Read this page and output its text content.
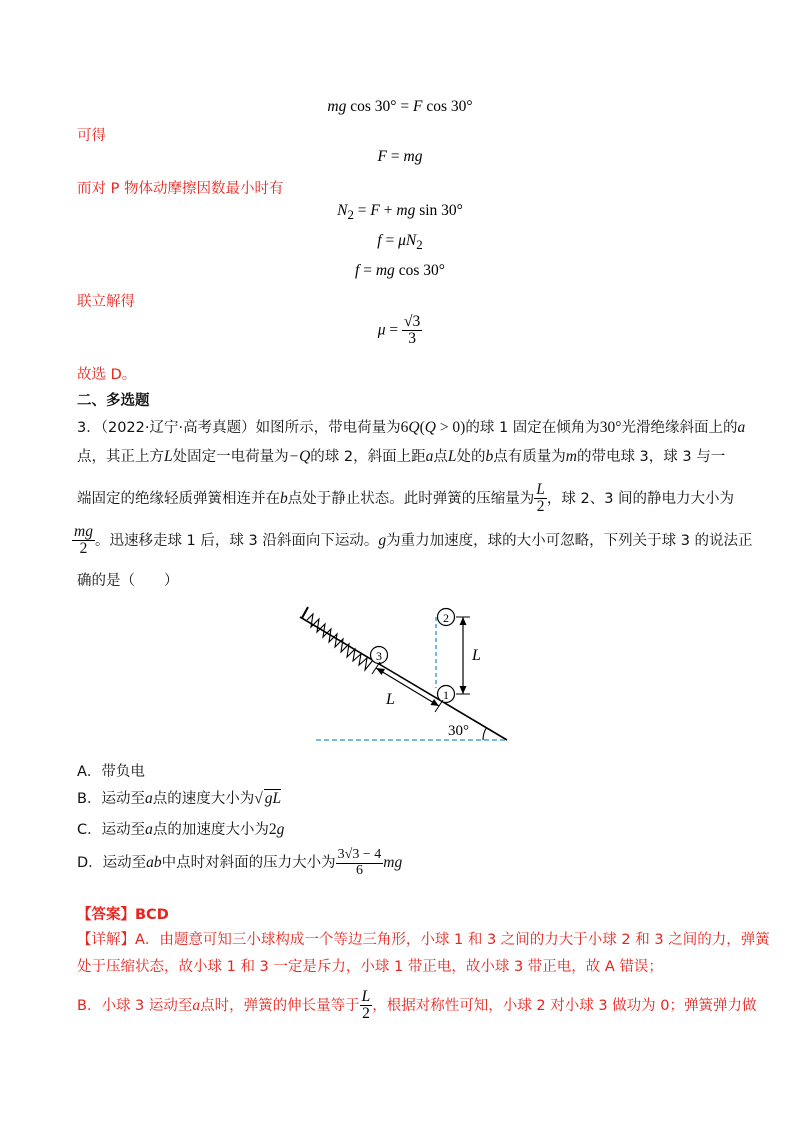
mg cos 30° = F cos 30°
可得
F = mg
而对 P 物体动摩擦因数最小时有
$N_2 = F$ + mg sin 30°
$f = \mu N_2$
f = mg cos 30°
联立解得
$\mu = \frac{√3}{3}$
故选 D。
二、多选题
3．（2022·辽宁·高考真题）如图所示，带电荷量为6Q(Q > 0)的球 1 固定在倾角为30°光滑绝缘斜面上的a
点，其正上方L处固定一电荷量为−Q的球 2，斜面上距a点L处的b点有质量为m的带电球 3，球 3 与一
端固定的绝缘轻质弹簧相连并在b点处于静止状态。此时弹簧的压缩量为 $\frac{L}{2}$ ，球 2、3 间的静电力大小为
$\frac{mg}{2}$ 。迅速移走球 1 后，球 3 沿斜面向下运动。g为重力加速度，球的大小可忽略，下列关于球 3 的说法正
确的是（　　）
3
1
2
L
L
30°
A．带负电
B．运动至a点的速度大小为√ gL
C．运动至a点的加速度大小为2g
D．运动至ab中点时对斜面的压力大小为 $\frac{3√3 - 4}{6}$ mg
【答案】BCD
【详解】A．由题意可知三小球构成一个等边三角形，小球 1 和 3 之间的力大于小球 2 和 3 之间的力，弹簧
处于压缩状态，故小球 1 和 3 一定是斥力，小球 1 带正电，故小球 3 带正电，故 A 错误；
B．小球 3 运动至a点时，弹簧的伸长量等于 $\frac{L}{2}$ ，根据对称性可知，小球 2 对小球 3 做功为 0；弹簧弹力做
